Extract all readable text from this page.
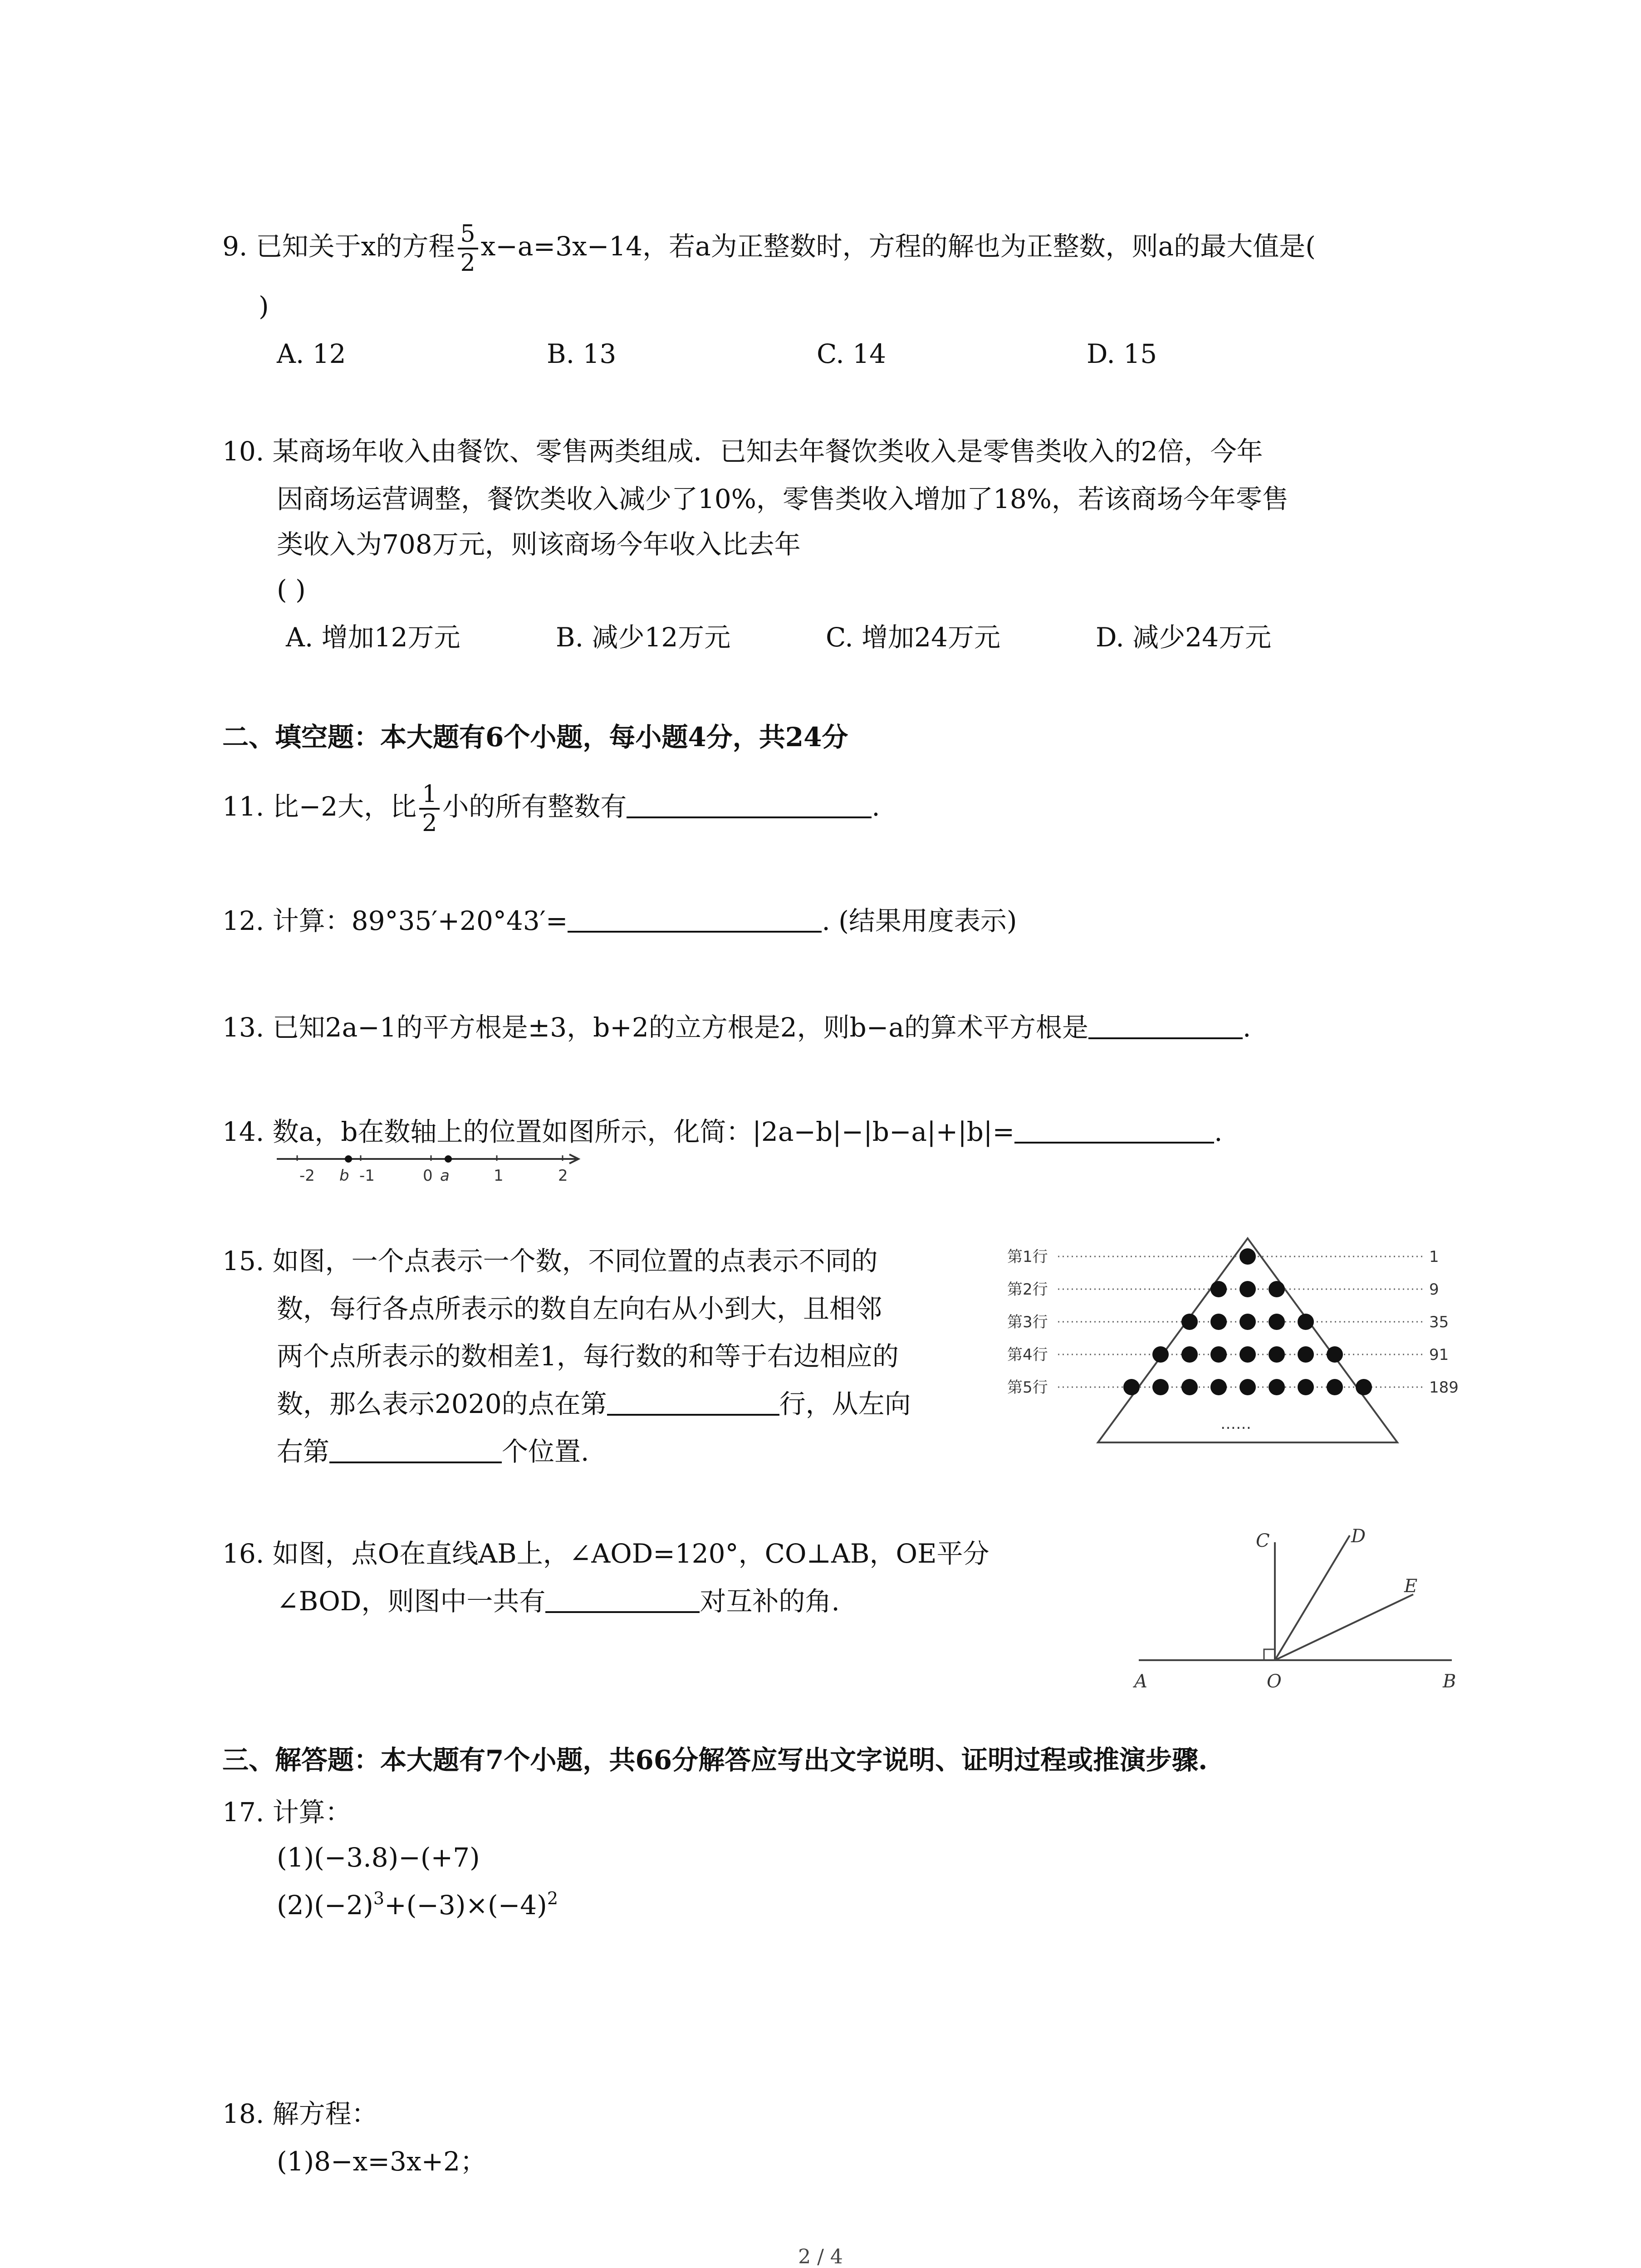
9. 已知关于x的方程 $\frac{5}{2} x-a=3x-14$，若a为正整数时，方程的解也为正整数，则a的最大值是(
)
A. 12	B. 13	C. 14	D. 15
10. 某商场年收入由餐饮、零售两类组成．已知去年餐饮类收入是零售类收入的2倍，今年
因商场运营调整，餐饮类收入减少了10%，零售类收入增加了18%，若该商场今年零售
类收入为708万元，则该商场今年收入比去年
( )
A. 增加12万元	B. 减少12万元	C. 增加24万元	D. 减少24万元
二、填空题：本大题有6个小题，每小题4分，共24分
11. 比−2大，比 $\frac{1}{2}$ 小的所有整数有	.
12. 计算：89°35′+20°43′=	. (结果用度表示)
13. 已知2a−1的平方根是±3，b+2的立方根是2，则b−a的算术平方根是	.
14. 数a，b在数轴上的位置如图所示，化简：|2a−b|−|b−a|+|b|=	.
-2 b -1	0 a	1	2
15. 如图，一个点表示一个数，不同位置的点表示不同的
数，每行各点所表示的数自左向右从小到大，且相邻
两个点所表示的数相差1，每行数的和等于右边相应的
数，那么表示2020的点在第	行，从左向
右第	个位置.
第1行	1
第2行	9
第3行	35
第4行	91
第5行	189
……
16. 如图，点O在直线AB上，∠AOD=120°，CO⊥AB，OE平分
∠BOD，则图中一共有	对互补的角.
A	O	B
C	D
E
三、解答题：本大题有7个小题，共66分解答应写出文字说明、证明过程或推演步骤.
17. 计算：
(1)(−3.8)−(+7)
$(2)(-2)^3+(-3)\times(-4)^2$
18. 解方程：
(1)8−x=3x+2；
2 / 4
